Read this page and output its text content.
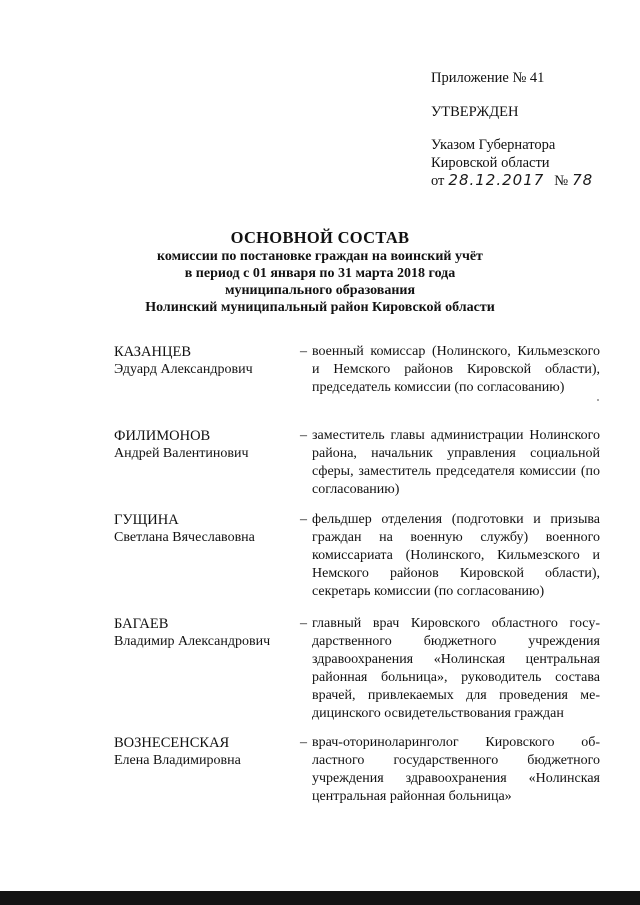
Приложение № 41
УТВЕРЖДЕН
Указом Губернатора
Кировской области
от 28.12.2017 № 78
ОСНОВНОЙ СОСТАВ
комиссии по постановке граждан на воинский учёт
в период с 01 января по 31 марта 2018 года
муниципального образования
Нолинский муниципальный район Кировской области
КАЗАНЦЕВ
Эдуард Александрович
– военный комиссар (Нолинского, Кильмезского и Немского районов Кировской области), председатель комиссии (по согласованию)
ФИЛИМОНОВ
Андрей Валентинович
– заместитель главы администрации Нолинского района, начальник управления социальной сферы, заместитель председателя комиссии (по согласованию)
ГУЩИНА
Светлана Вячеславовна
– фельдшер отделения (подготовки и призыва граждан на военную службу) военного комиссариата (Нолинского, Кильмезского и Немского районов Кировской области), секретарь комиссии (по согласованию)
БАГАЕВ
Владимир Александрович
– главный врач Кировского областного государственного бюджетного учреждения здравоохранения «Нолинская центральная районная больница», руководитель состава врачей, привлекаемых для проведения медицинского освидетельствования граждан
ВОЗНЕСЕНСКАЯ
Елена Владимировна
– врач-оториноларинголог Кировского областного государственного бюджетного учреждения здравоохранения «Нолинская центральная районная больница»
